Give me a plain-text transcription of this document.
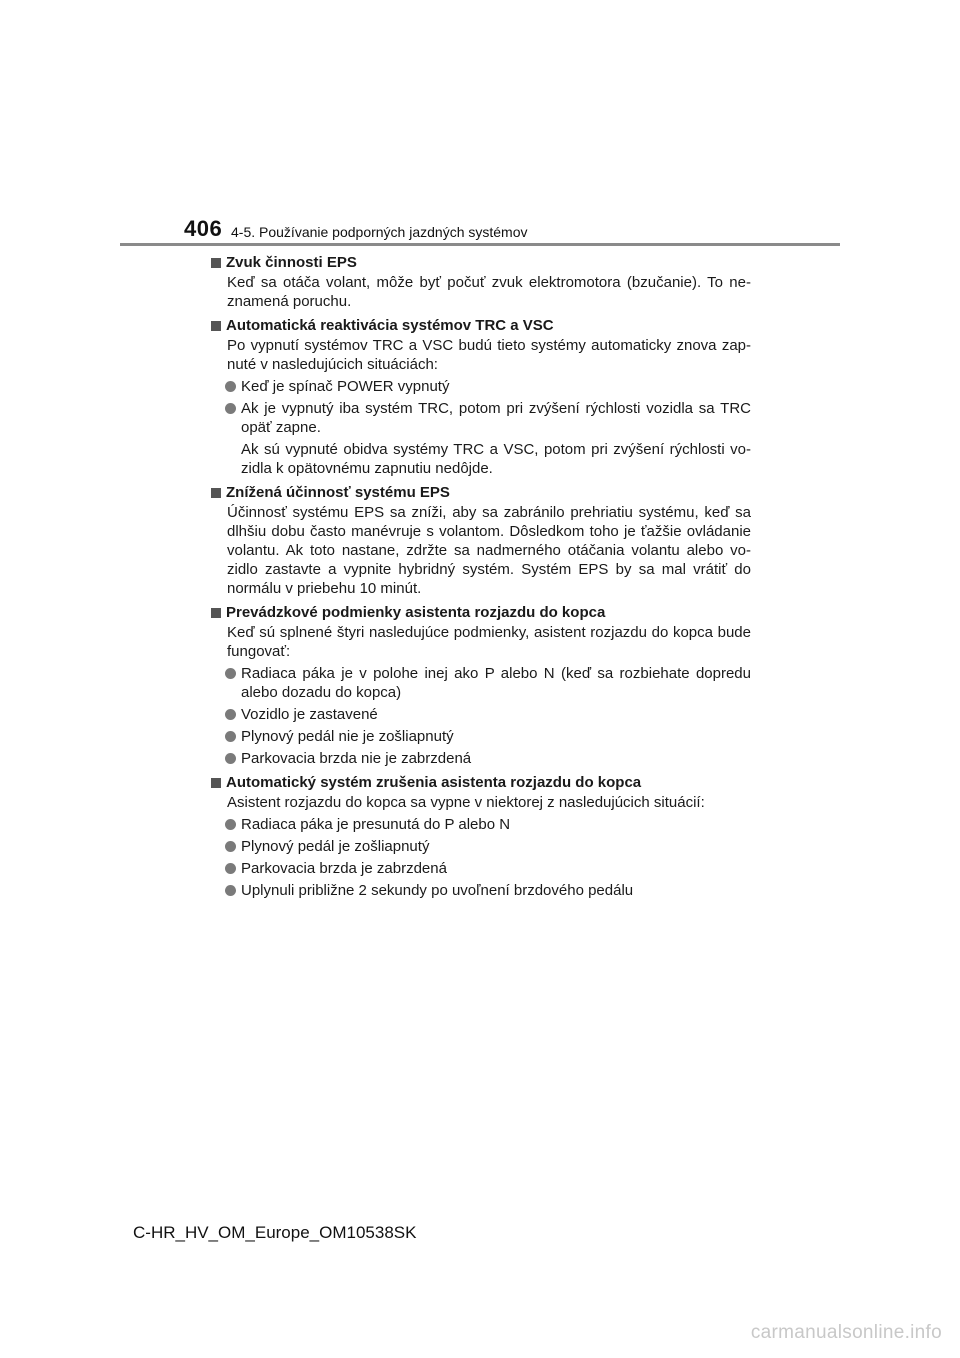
406 4-5. Používanie podporných jazdných systémov
Zvuk činnosti EPS
Keď sa otáča volant, môže byť počuť zvuk elektromotora (bzučanie). To ne-znamená poruchu.
Automatická reaktivácia systémov TRC a VSC
Po vypnutí systémov TRC a VSC budú tieto systémy automaticky znova zap-nuté v nasledujúcich situáciách:
Keď je spínač POWER vypnutý
Ak je vypnutý iba systém TRC, potom pri zvýšení rýchlosti vozidla sa TRC opäť zapne.
Ak sú vypnuté obidva systémy TRC a VSC, potom pri zvýšení rýchlosti vo-zidla k opätovnému zapnutiu nedôjde.
Znížená účinnosť systému EPS
Účinnosť systému EPS sa zníži, aby sa zabránilo prehriatiu systému, keď sa dlhšiu dobu často manévruje s volantom. Dôsledkom toho je ťažšie ovládanie volantu. Ak toto nastane, zdržte sa nadmerného otáčania volantu alebo vo-zidlo zastavte a vypnite hybridný systém. Systém EPS by sa mal vrátiť do normálu v priebehu 10 minút.
Prevádzkové podmienky asistenta rozjazdu do kopca
Keď sú splnené štyri nasledujúce podmienky, asistent rozjazdu do kopca bude fungovať:
Radiaca páka je v polohe inej ako P alebo N (keď sa rozbiehate dopredu alebo dozadu do kopca)
Vozidlo je zastavené
Plynový pedál nie je zošliapnutý
Parkovacia brzda nie je zabrzdená
Automatický systém zrušenia asistenta rozjazdu do kopca
Asistent rozjazdu do kopca sa vypne v niektorej z nasledujúcich situácií:
Radiaca páka je presunutá do P alebo N
Plynový pedál je zošliapnutý
Parkovacia brzda je zabrzdená
Uplynuli približne 2 sekundy po uvoľnení brzdového pedálu
C-HR_HV_OM_Europe_OM10538SK
carmanualsonline.info
